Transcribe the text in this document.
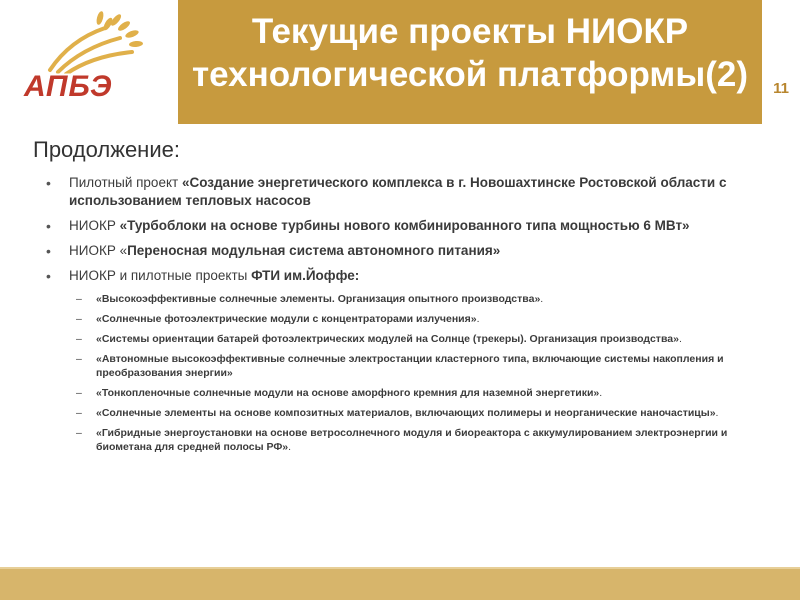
АПБЭ
Текущие проекты НИОКР
технологической платформы(2)	11
Продолжение:
• Пилотный проект «Создание энергетического комплекса в г. Новошахтинске Ростовской области с использованием тепловых насосов
• НИОКР «Турбоблоки на основе турбины нового комбинированного типа мощностью 6 МВт»
• НИОКР «Переносная модульная система автономного питания»
• НИОКР и пилотные проекты ФТИ им.Йоффе:
– «Высокоэффективные солнечные элементы. Организация опытного производства».
– «Солнечные фотоэлектрические модули с концентраторами излучения».
– «Системы ориентации батарей фотоэлектрических модулей на Солнце (трекеры). Организация производства».
– «Автономные высокоэффективные солнечные электростанции кластерного типа, включающие системы накопления и преобразования энергии»
– «Тонкопленочные солнечные модули на основе аморфного кремния для наземной энергетики».
– «Солнечные элементы на основе композитных материалов, включающих полимеры и неорганические наночастицы».
– «Гибридные энергоустановки на основе ветросолнечного модуля и биореактора с аккумулированием электроэнергии и биометана для средней полосы РФ».
